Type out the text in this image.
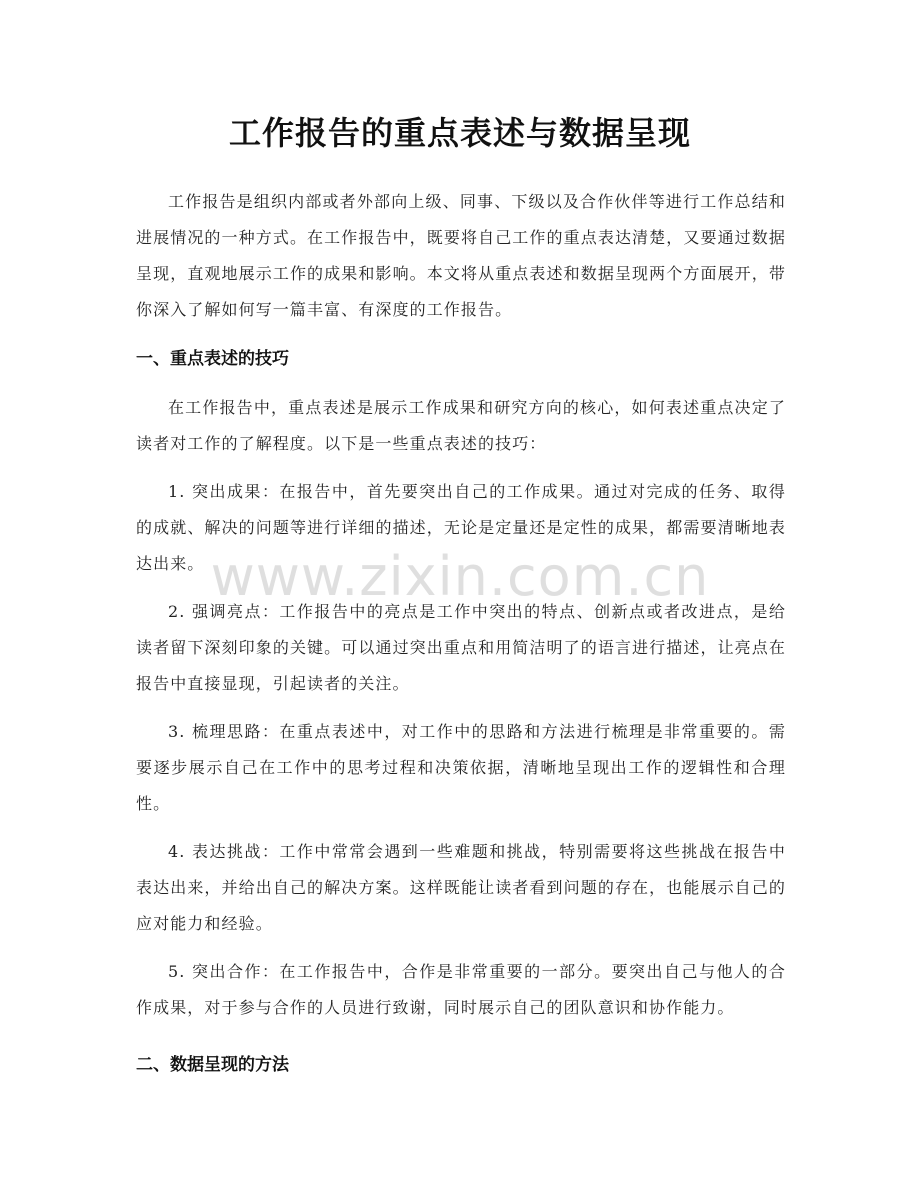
工作报告的重点表述与数据呈现

工作报告是组织内部或者外部向上级、同事、下级以及合作伙伴等进行工作总结和进展情况的一种方式。在工作报告中，既要将自己工作的重点表达清楚，又要通过数据呈现，直观地展示工作的成果和影响。本文将从重点表述和数据呈现两个方面展开，带你深入了解如何写一篇丰富、有深度的工作报告。

一、重点表述的技巧

在工作报告中，重点表述是展示工作成果和研究方向的核心，如何表述重点决定了读者对工作的了解程度。以下是一些重点表述的技巧：

1. 突出成果：在报告中，首先要突出自己的工作成果。通过对完成的任务、取得的成就、解决的问题等进行详细的描述，无论是定量还是定性的成果，都需要清晰地表达出来。

2. 强调亮点：工作报告中的亮点是工作中突出的特点、创新点或者改进点，是给读者留下深刻印象的关键。可以通过突出重点和用简洁明了的语言进行描述，让亮点在报告中直接显现，引起读者的关注。

3. 梳理思路：在重点表述中，对工作中的思路和方法进行梳理是非常重要的。需要逐步展示自己在工作中的思考过程和决策依据，清晰地呈现出工作的逻辑性和合理性。

4. 表达挑战：工作中常常会遇到一些难题和挑战，特别需要将这些挑战在报告中表达出来，并给出自己的解决方案。这样既能让读者看到问题的存在，也能展示自己的应对能力和经验。

5. 突出合作：在工作报告中，合作是非常重要的一部分。要突出自己与他人的合作成果，对于参与合作的人员进行致谢，同时展示自己的团队意识和协作能力。

二、数据呈现的方法
www.zixin.com.cn
